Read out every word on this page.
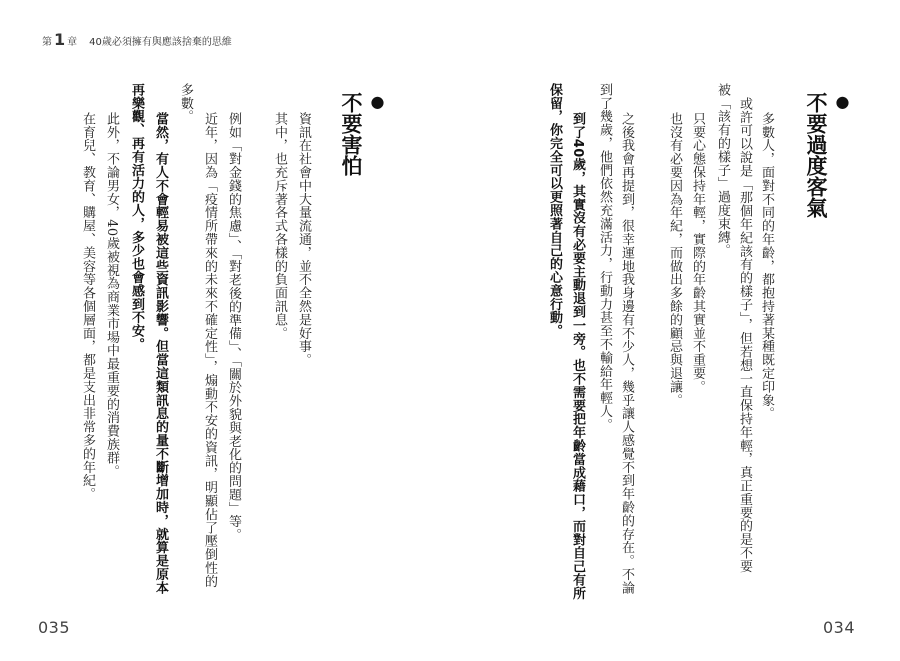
第 1 章 40歲必須擁有與應該捨棄的思維
●
不要過度客氣
多數人，面對不同的年齡，都抱持著某種既定印象。
或許可以說是「那個年紀該有的樣子」，但若想一直保持年輕，真正重要的是不要
被「該有的樣子」過度束縛。
只要心態保持年輕，實際的年齡其實並不重要。
也沒有必要因為年紀，而做出多餘的顧忌與退讓。
之後我會再提到，很幸運地我身邊有不少人，幾乎讓人感覺不到年齡的存在。不論
到了幾歲，他們依然充滿活力，行動力甚至不輸給年輕人。
到了40歲，其實沒有必要主動退到一旁。也不需要把年齡當成藉口，而對自己有所
保留，你完全可以更照著自己的心意行動。
●
不要害怕
資訊在社會中大量流通，並不全然是好事。
其中，也充斥著各式各樣的負面訊息。
例如「對金錢的焦慮」、「對老後的準備」、「關於外貌與老化的問題」等。
近年，因為「疫情所帶來的未來不確定性」，煽動不安的資訊，明顯佔了壓倒性的
多數。
當然，有人不會輕易被這些資訊影響。但當這類訊息的量不斷增加時，就算是原本
再樂觀、再有活力的人，多少也會感到不安。
此外，不論男女，40歲被視為商業市場中最重要的消費族群。
在育兒、教育、購屋、美容等各個層面，都是支出非常多的年紀。
035	034
